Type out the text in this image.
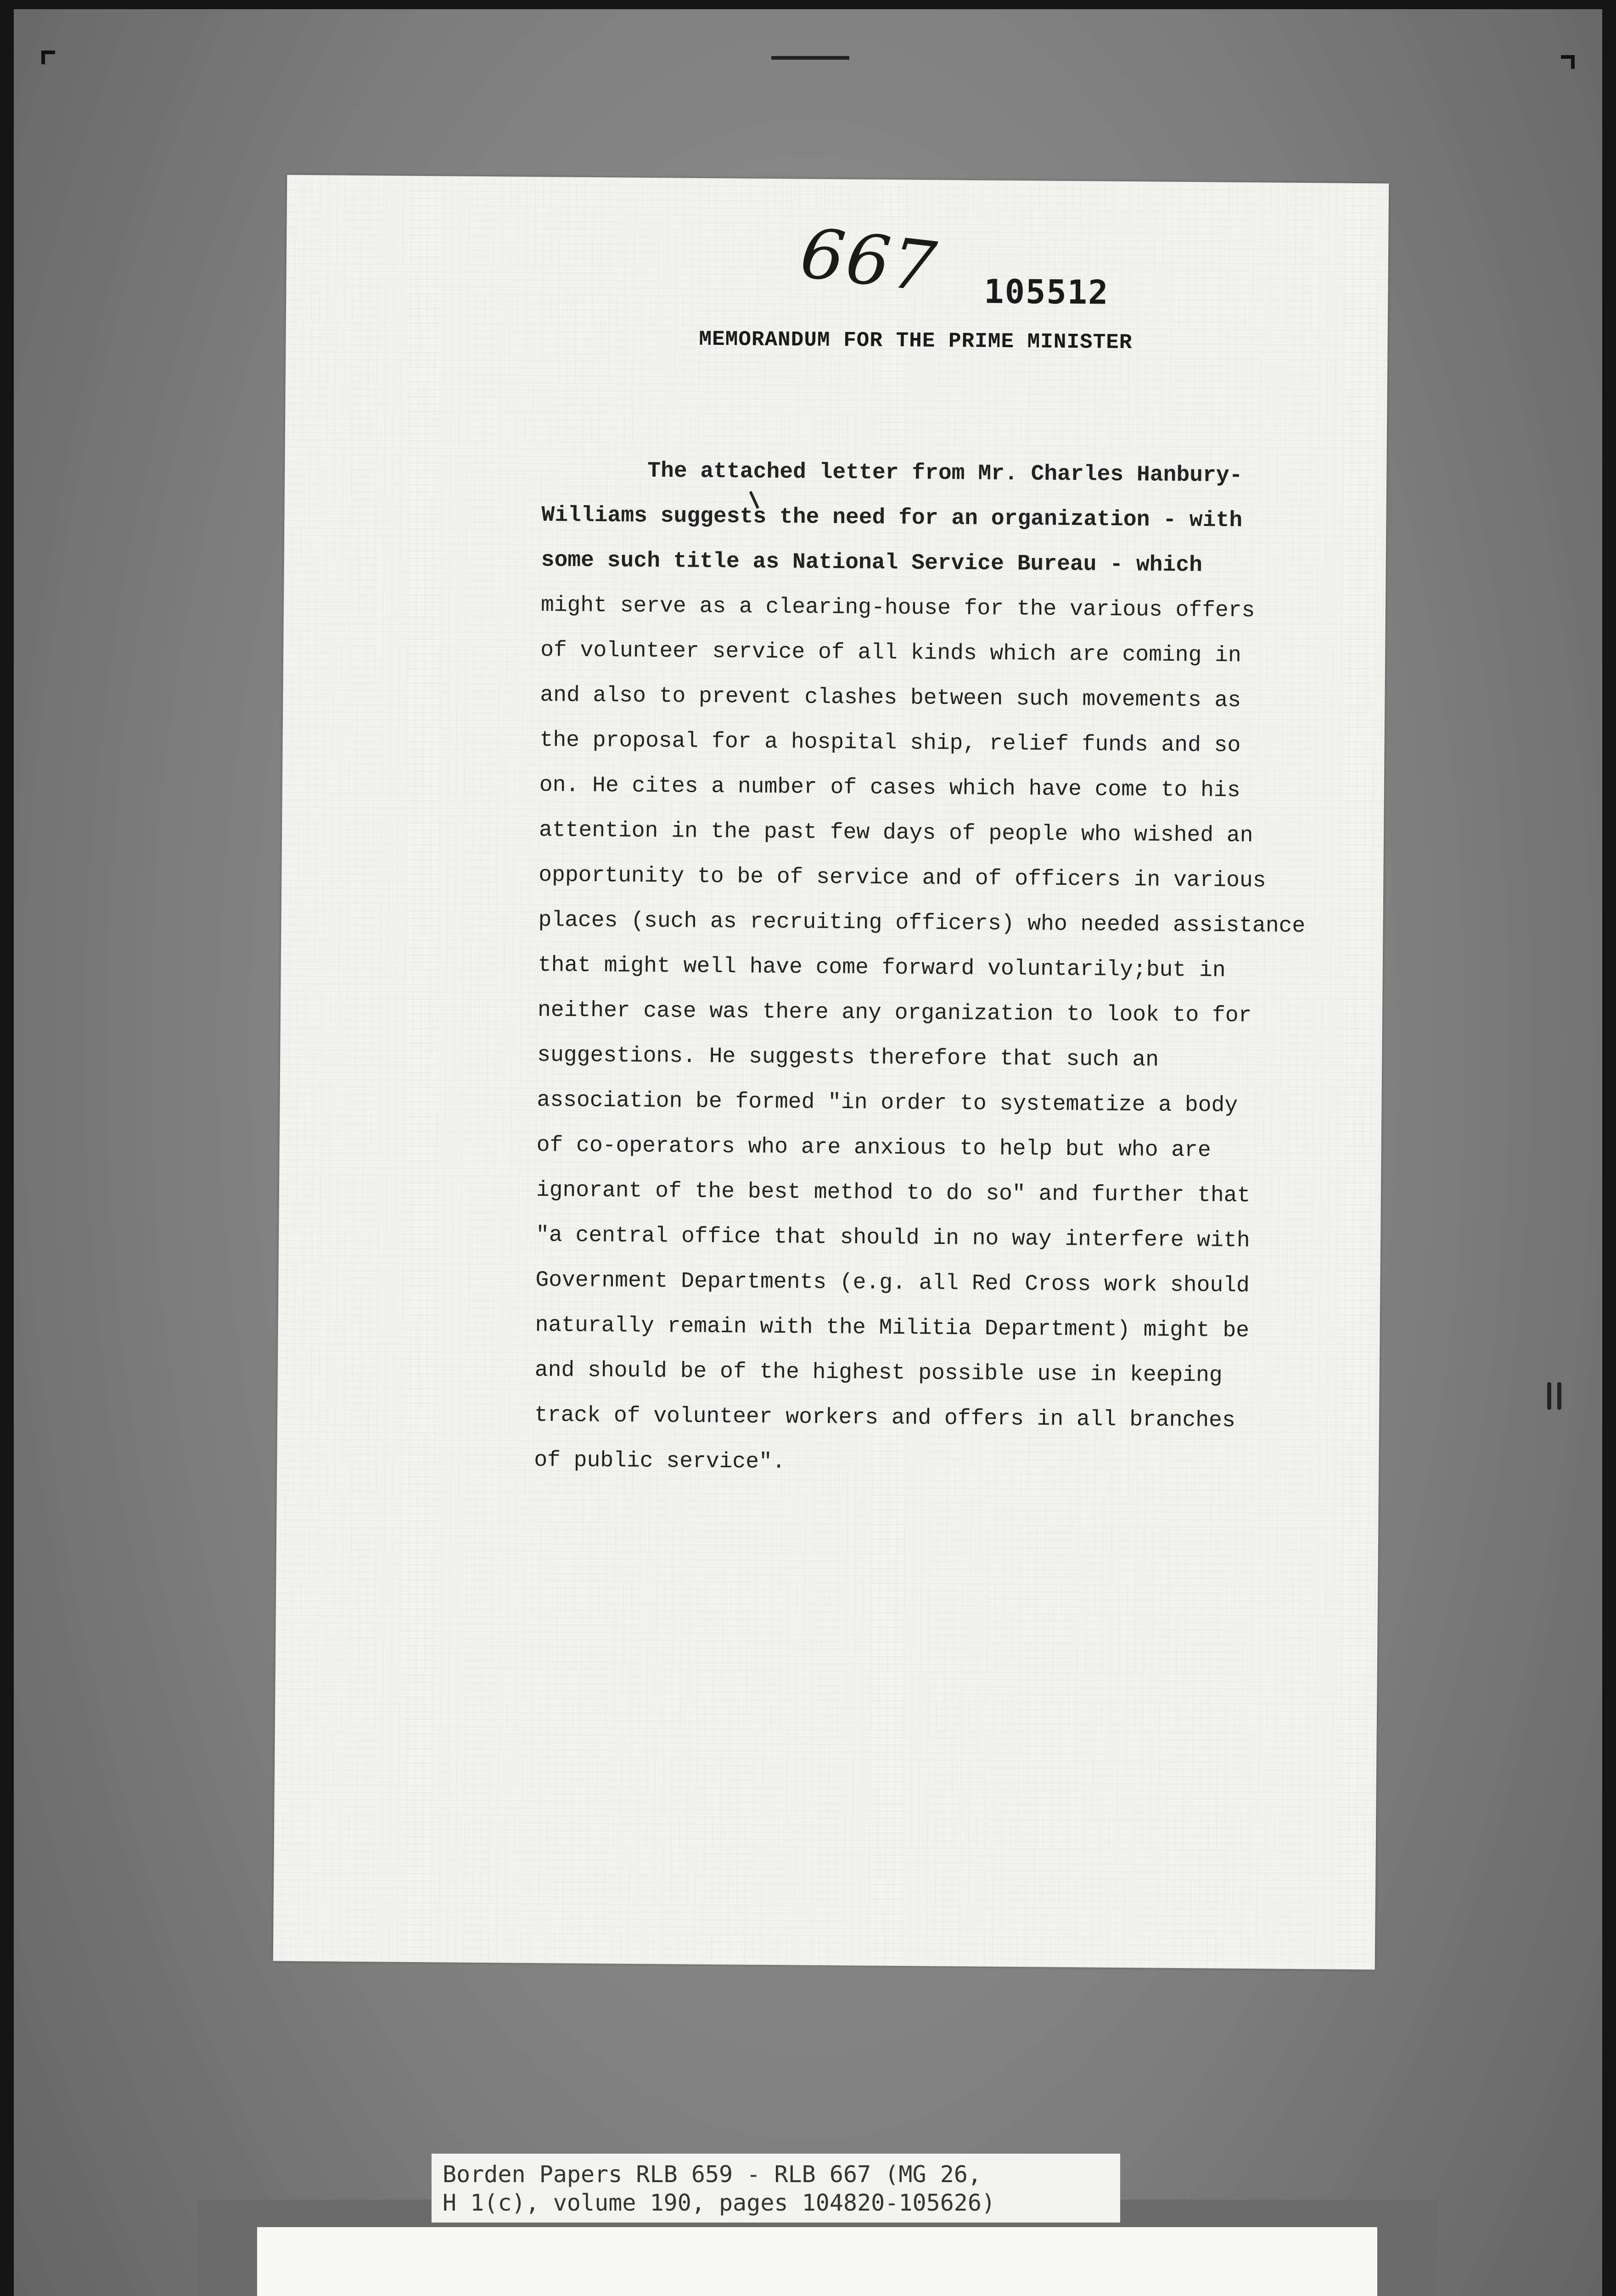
667 105512
MEMORANDUM FOR THE PRIME MINISTER
The attached letter from Mr. Charles Hanbury-
Williams suggests the need for an organization - with
some such title as National Service Bureau - which
might serve as a clearing-house for the various offers
of volunteer service of all kinds which are coming in
and also to prevent clashes between such movements as
the proposal for a hospital ship, relief funds and so
on. He cites a number of cases which have come to his
attention in the past few days of people who wished an
opportunity to be of service and of officers in various
places (such as recruiting officers) who needed assistance
that might well have come forward voluntarily;but in
neither case was there any organization to look to for
suggestions. He suggests therefore that such an
association be formed "in order to systematize a body
of co-operators who are anxious to help but who are
ignorant of the best method to do so" and further that
"a central office that should in no way interfere with
Government Departments (e.g. all Red Cross work should
naturally remain with the Militia Department) might be
and should be of the highest possible use in keeping
track of volunteer workers and offers in all branches
of public service".
Borden Papers RLB 659 - RLB 667 (MG 26,
H 1(c), volume 190, pages 104820-105626)
